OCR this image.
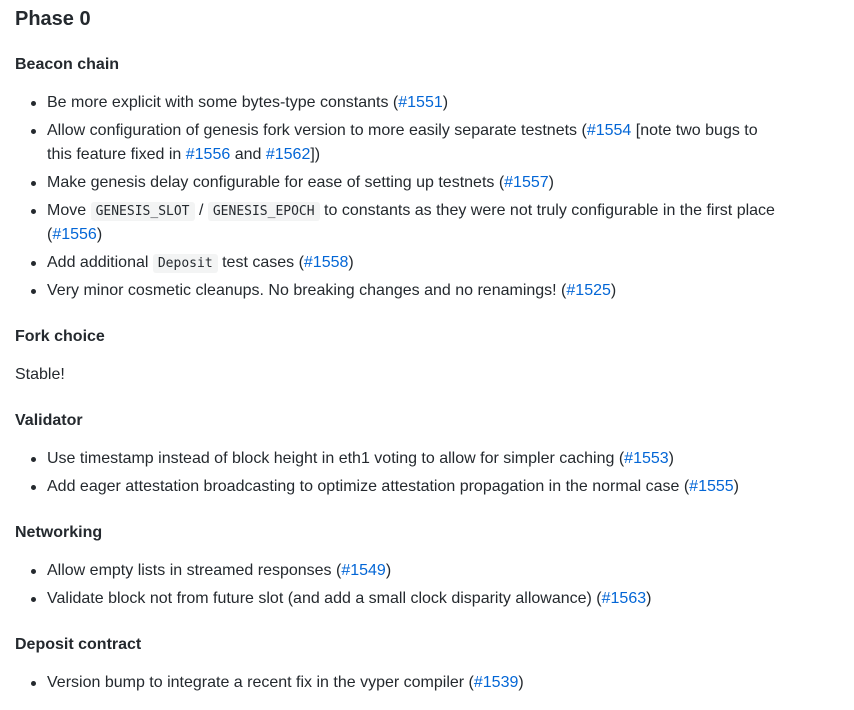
Phase 0
Beacon chain
Be more explicit with some bytes-type constants (#1551)
Allow configuration of genesis fork version to more easily separate testnets (#1554 [note two bugs to
this feature fixed in #1556 and #1562])
Make genesis delay configurable for ease of setting up testnets (#1557)
Move GENESIS_SLOT / GENESIS_EPOCH to constants as they were not truly configurable in the first place
(#1556)
Add additional Deposit test cases (#1558)
Very minor cosmetic cleanups. No breaking changes and no renamings! (#1525)
Fork choice

Stable!

Validator
Use timestamp instead of block height in eth1 voting to allow for simpler caching (#1553)
Add eager attestation broadcasting to optimize attestation propagation in the normal case (#1555)
Networking
Allow empty lists in streamed responses (#1549)
Validate block not from future slot (and add a small clock disparity allowance) (#1563)
Deposit contract
Version bump to integrate a recent fix in the vyper compiler (#1539)
